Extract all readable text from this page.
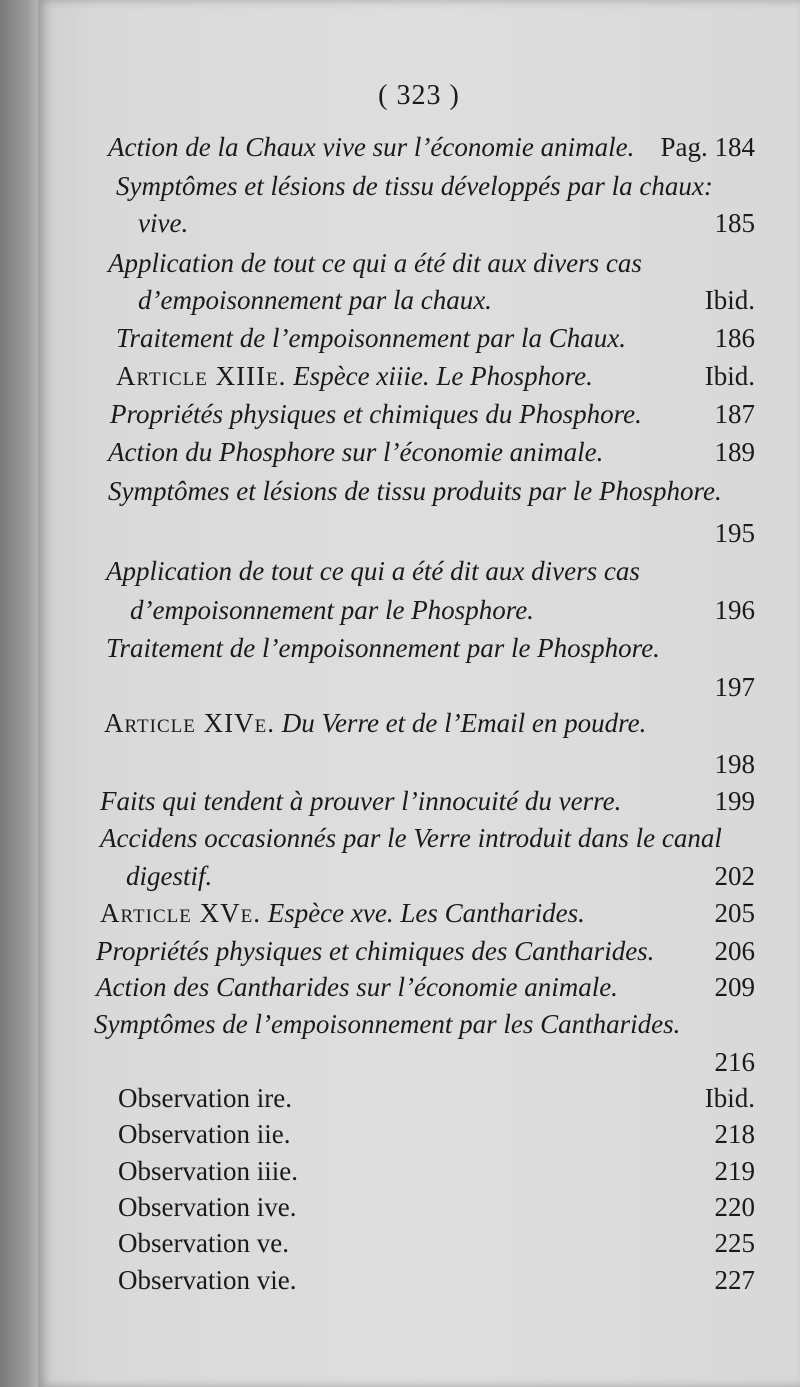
( 323 )
Action de la Chaux vive sur l’économie animale. Pag. 184
Symptômes et lésions de tissu développés par la chaux:
vive.	185
Application de tout ce qui a été dit aux divers cas
d’empoisonnement par la chaux.	Ibid.
Traitement de l’empoisonnement par la Chaux.	186
Article XIIIe. Espèce xiiie. Le Phosphore.	Ibid.
Propriétés physiques et chimiques du Phosphore.	187
Action du Phosphore sur l’économie animale.	189
Symptômes et lésions de tissu produits par le Phosphore.
195
Application de tout ce qui a été dit aux divers cas
d’empoisonnement par le Phosphore.	196
Traitement de l’empoisonnement par le Phosphore.
197
Article XIVe. Du Verre et de l’Email en poudre.
198
Faits qui tendent à prouver l’innocuité du verre.	199
Accidens occasionnés par le Verre introduit dans le canal
digestif.	202
Article XVe. Espèce xve. Les Cantharides.	205
Propriétés physiques et chimiques des Cantharides. 206
Action des Cantharides sur l’économie animale.	209
Symptômes de l’empoisonnement par les Cantharides.
216
Observation ire.	Ibid.
Observation iie.	218
Observation iiie.	219
Observation ive.	220
Observation ve.	225
Observation vie.	227
